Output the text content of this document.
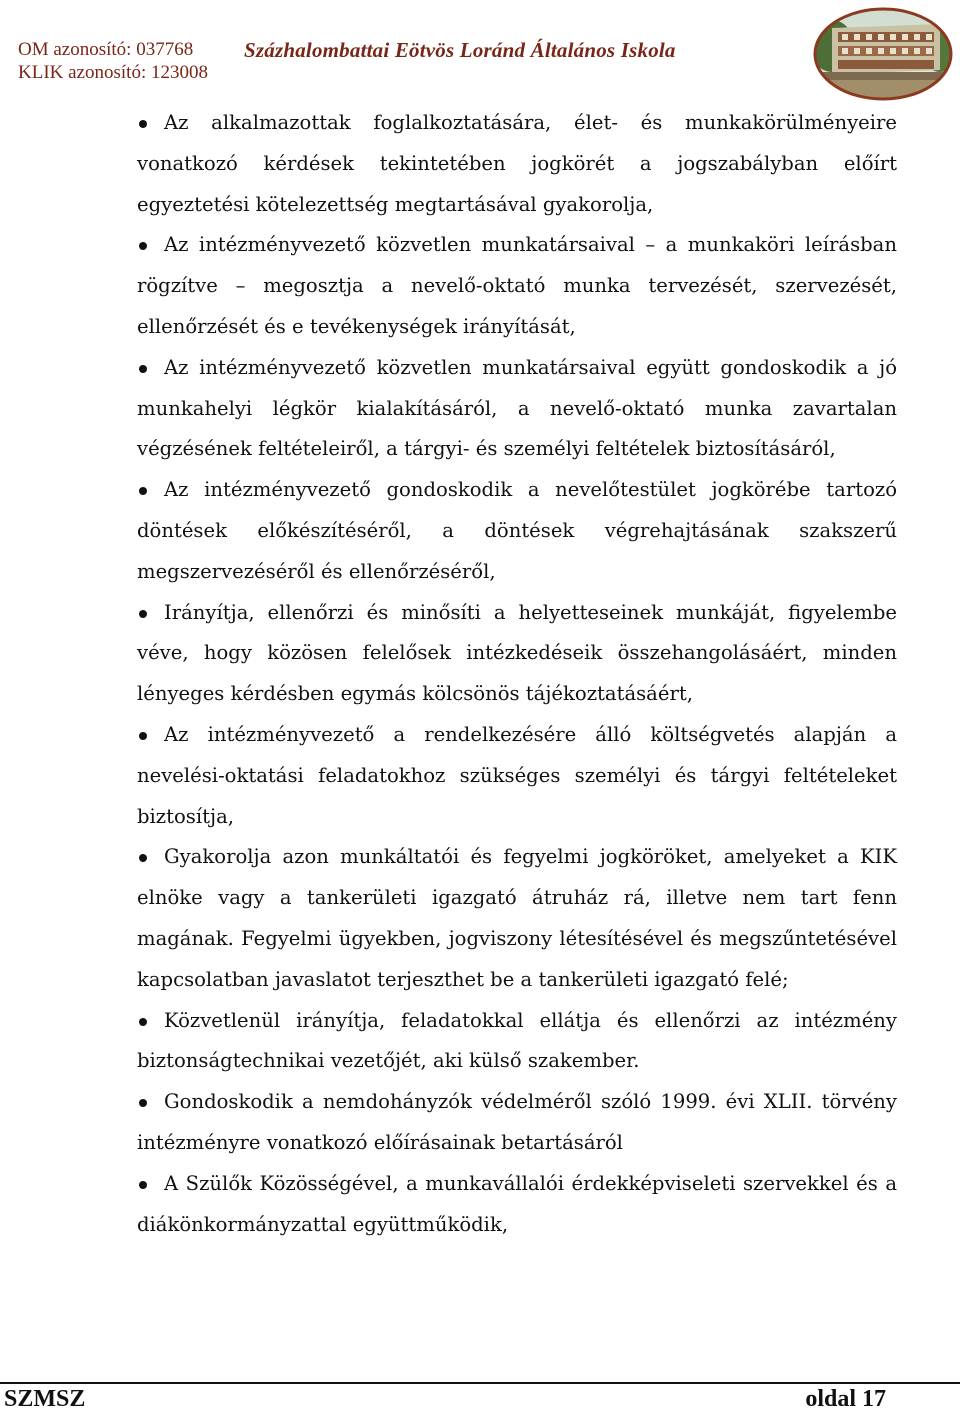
OM azonosító: 037768
KLIK azonosító: 123008
Százhalombattai Eötvös Loránd Általános Iskola
Az alkalmazottak foglalkoztatására, élet- és munkakörülményeire vonatkozó kérdések tekintetében jogkörét a jogszabályban előírt egyeztetési kötelezettség megtartásával gyakorolja,
Az intézményvezető közvetlen munkatársaival – a munkaköri leírásban rögzítve – megosztja a nevelő-oktató munka tervezését, szervezését, ellenőrzését és e tevékenységek irányítását,
Az intézményvezető közvetlen munkatársaival együtt gondoskodik a jó munkahelyi légkör kialakításáról, a nevelő-oktató munka zavartalan végzésének feltételeiről, a tárgyi- és személyi feltételek biztosításáról,
Az intézményvezető gondoskodik a nevelőtestület jogkörébe tartozó döntések előkészítéséről, a döntések végrehajtásának szakszerű megszervezéséről és ellenőrzéséről,
Irányítja, ellenőrzi és minősíti a helyetteseinek munkáját, figyelembe véve, hogy közösen felelősek intézkedéseik összehangolásáért, minden lényeges kérdésben egymás kölcsönös tájékoztatásáért,
Az intézményvezető a rendelkezésére álló költségvetés alapján a nevelési-oktatási feladatokhoz szükséges személyi és tárgyi feltételeket biztosítja,
Gyakorolja azon munkáltatói és fegyelmi jogköröket, amelyeket a KIK elnöke vagy a tankerületi igazgató átruház rá, illetve nem tart fenn magának. Fegyelmi ügyekben, jogviszony létesítésével és megszűntetésével kapcsolatban javaslatot terjeszthet be a tankerületi igazgató felé;
Közvetlenül irányítja, feladatokkal ellátja és ellenőrzi az intézmény biztonságtechnikai vezetőjét, aki külső szakember.
Gondoskodik a nemdohányzók védelméről szóló 1999. évi XLII. törvény intézményre vonatkozó előírásainak betartásáról
A Szülők Közösségével, a munkavállalói érdekképviseleti szervekkel és a diákönkormányzattal együttműködik,
SZMSZ	oldal 17
